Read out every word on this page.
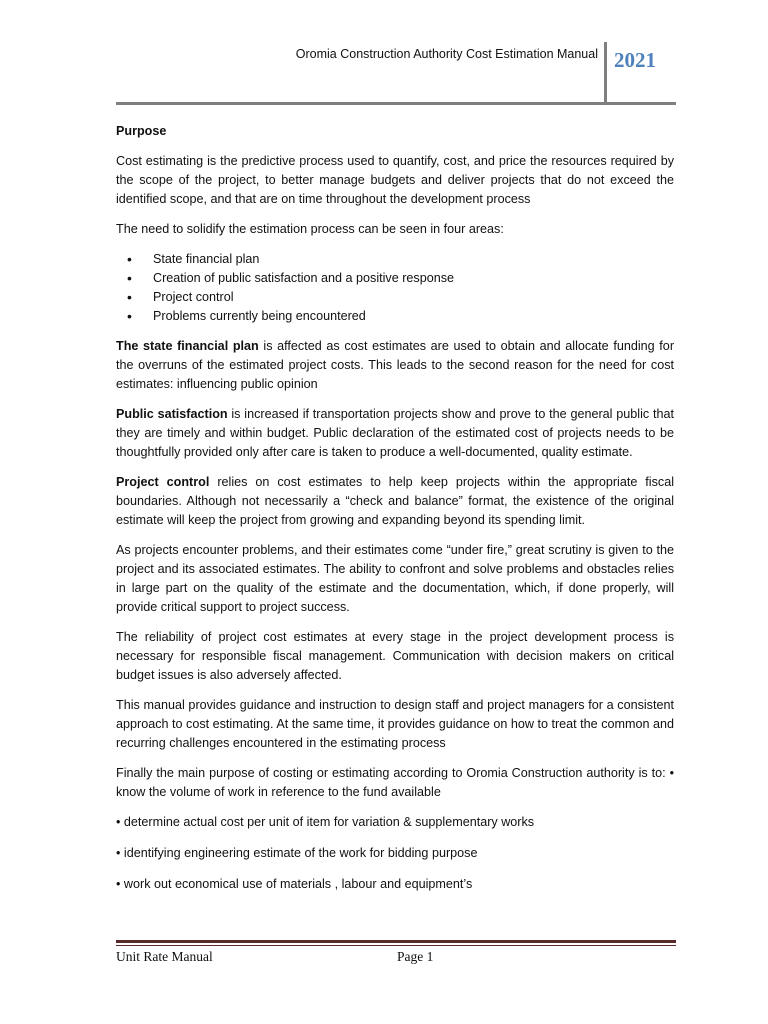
Oromia Construction Authority Cost Estimation Manual 2021
Purpose

Cost estimating is the predictive process used to quantify, cost, and price the resources required by the scope of the project, to better manage budgets and deliver projects that do not exceed the identified scope, and that are on time throughout the development process

The need to solidify the estimation process can be seen in four areas:

• State financial plan
• Creation of public satisfaction and a positive response
• Project control
• Problems currently being encountered

The state financial plan is affected as cost estimates are used to obtain and allocate funding for the overruns of the estimated project costs. This leads to the second reason for the need for cost estimates: influencing public opinion

Public satisfaction is increased if transportation projects show and prove to the general public that they are timely and within budget. Public declaration of the estimated cost of projects needs to be thoughtfully provided only after care is taken to produce a well-documented, quality estimate.

Project control relies on cost estimates to help keep projects within the appropriate fiscal boundaries. Although not necessarily a “check and balance” format, the existence of the original estimate will keep the project from growing and expanding beyond its spending limit.

As projects encounter problems, and their estimates come “under fire,” great scrutiny is given to the project and its associated estimates. The ability to confront and solve problems and obstacles relies in large part on the quality of the estimate and the documentation, which, if done properly, will provide critical support to project success.

The reliability of project cost estimates at every stage in the project development process is necessary for responsible fiscal management. Communication with decision makers on critical budget issues is also adversely affected.

This manual provides guidance and instruction to design staff and project managers for a consistent approach to cost estimating. At the same time, it provides guidance on how to treat the common and recurring challenges encountered in the estimating process

Finally the main purpose of costing or estimating according to Oromia Construction authority is to: • know the volume of work in reference to the fund available

• determine actual cost per unit of item for variation & supplementary works
• identifying engineering estimate of the work for bidding purpose
• work out economical use of materials , labour and equipment’s
Unit Rate Manual	Page 1
